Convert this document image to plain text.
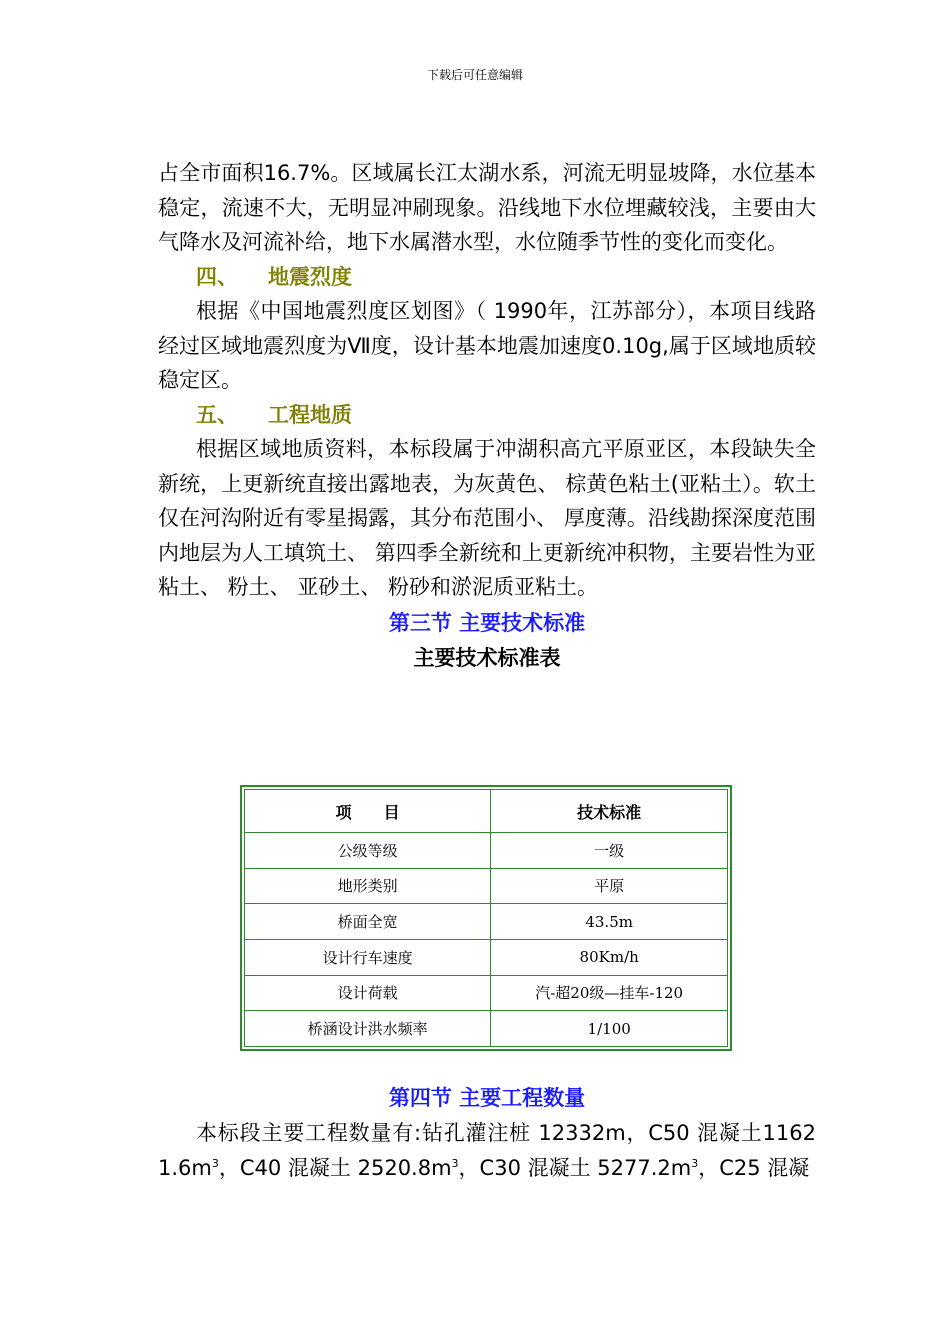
下载后可任意编辑

占全市面积16.7%。区域属长江太湖水系，河流无明显坡降，水位基本稳定，流速不大，无明显冲刷现象。沿线地下水位埋藏较浅，主要由大气降水及河流补给，地下水属潜水型，水位随季节性的变化而变化。

四、 地震烈度

根据《中国地震烈度区划图》（ 1990年，江苏部分），本项目线路经过区域地震烈度为Ⅶ度，设计基本地震加速度0.10g,属于区域地质较稳定区。

五、 工程地质

根据区域地质资料，本标段属于冲湖积高亢平原亚区，本段缺失全新统，上更新统直接出露地表，为灰黄色、 棕黄色粘土(亚粘土）。软土仅在河沟附近有零星揭露，其分布范围小、 厚度薄。沿线勘探深度范围内地层为人工填筑土、 第四季全新统和上更新统冲积物，主要岩性为亚粘土、 粉土、 亚砂土、 粉砂和淤泥质亚粘土。

第三节 主要技术标准
主要技术标准表
项　　目	技术标准
公级等级	一级
地形类别	平原
桥面全宽	43.5m
设计行车速度	80Km/h
设计荷载	汽-超20级—挂车-120
桥涵设计洪水频率	1/100
第四节 主要工程数量

本标段主要工程数量有:钻孔灌注桩 12332m，C50 混凝土$11621.6m^3$，C40 混凝土 $2520.8m^3$，C30 混凝土 $5277.2m^3$，C25 混凝
